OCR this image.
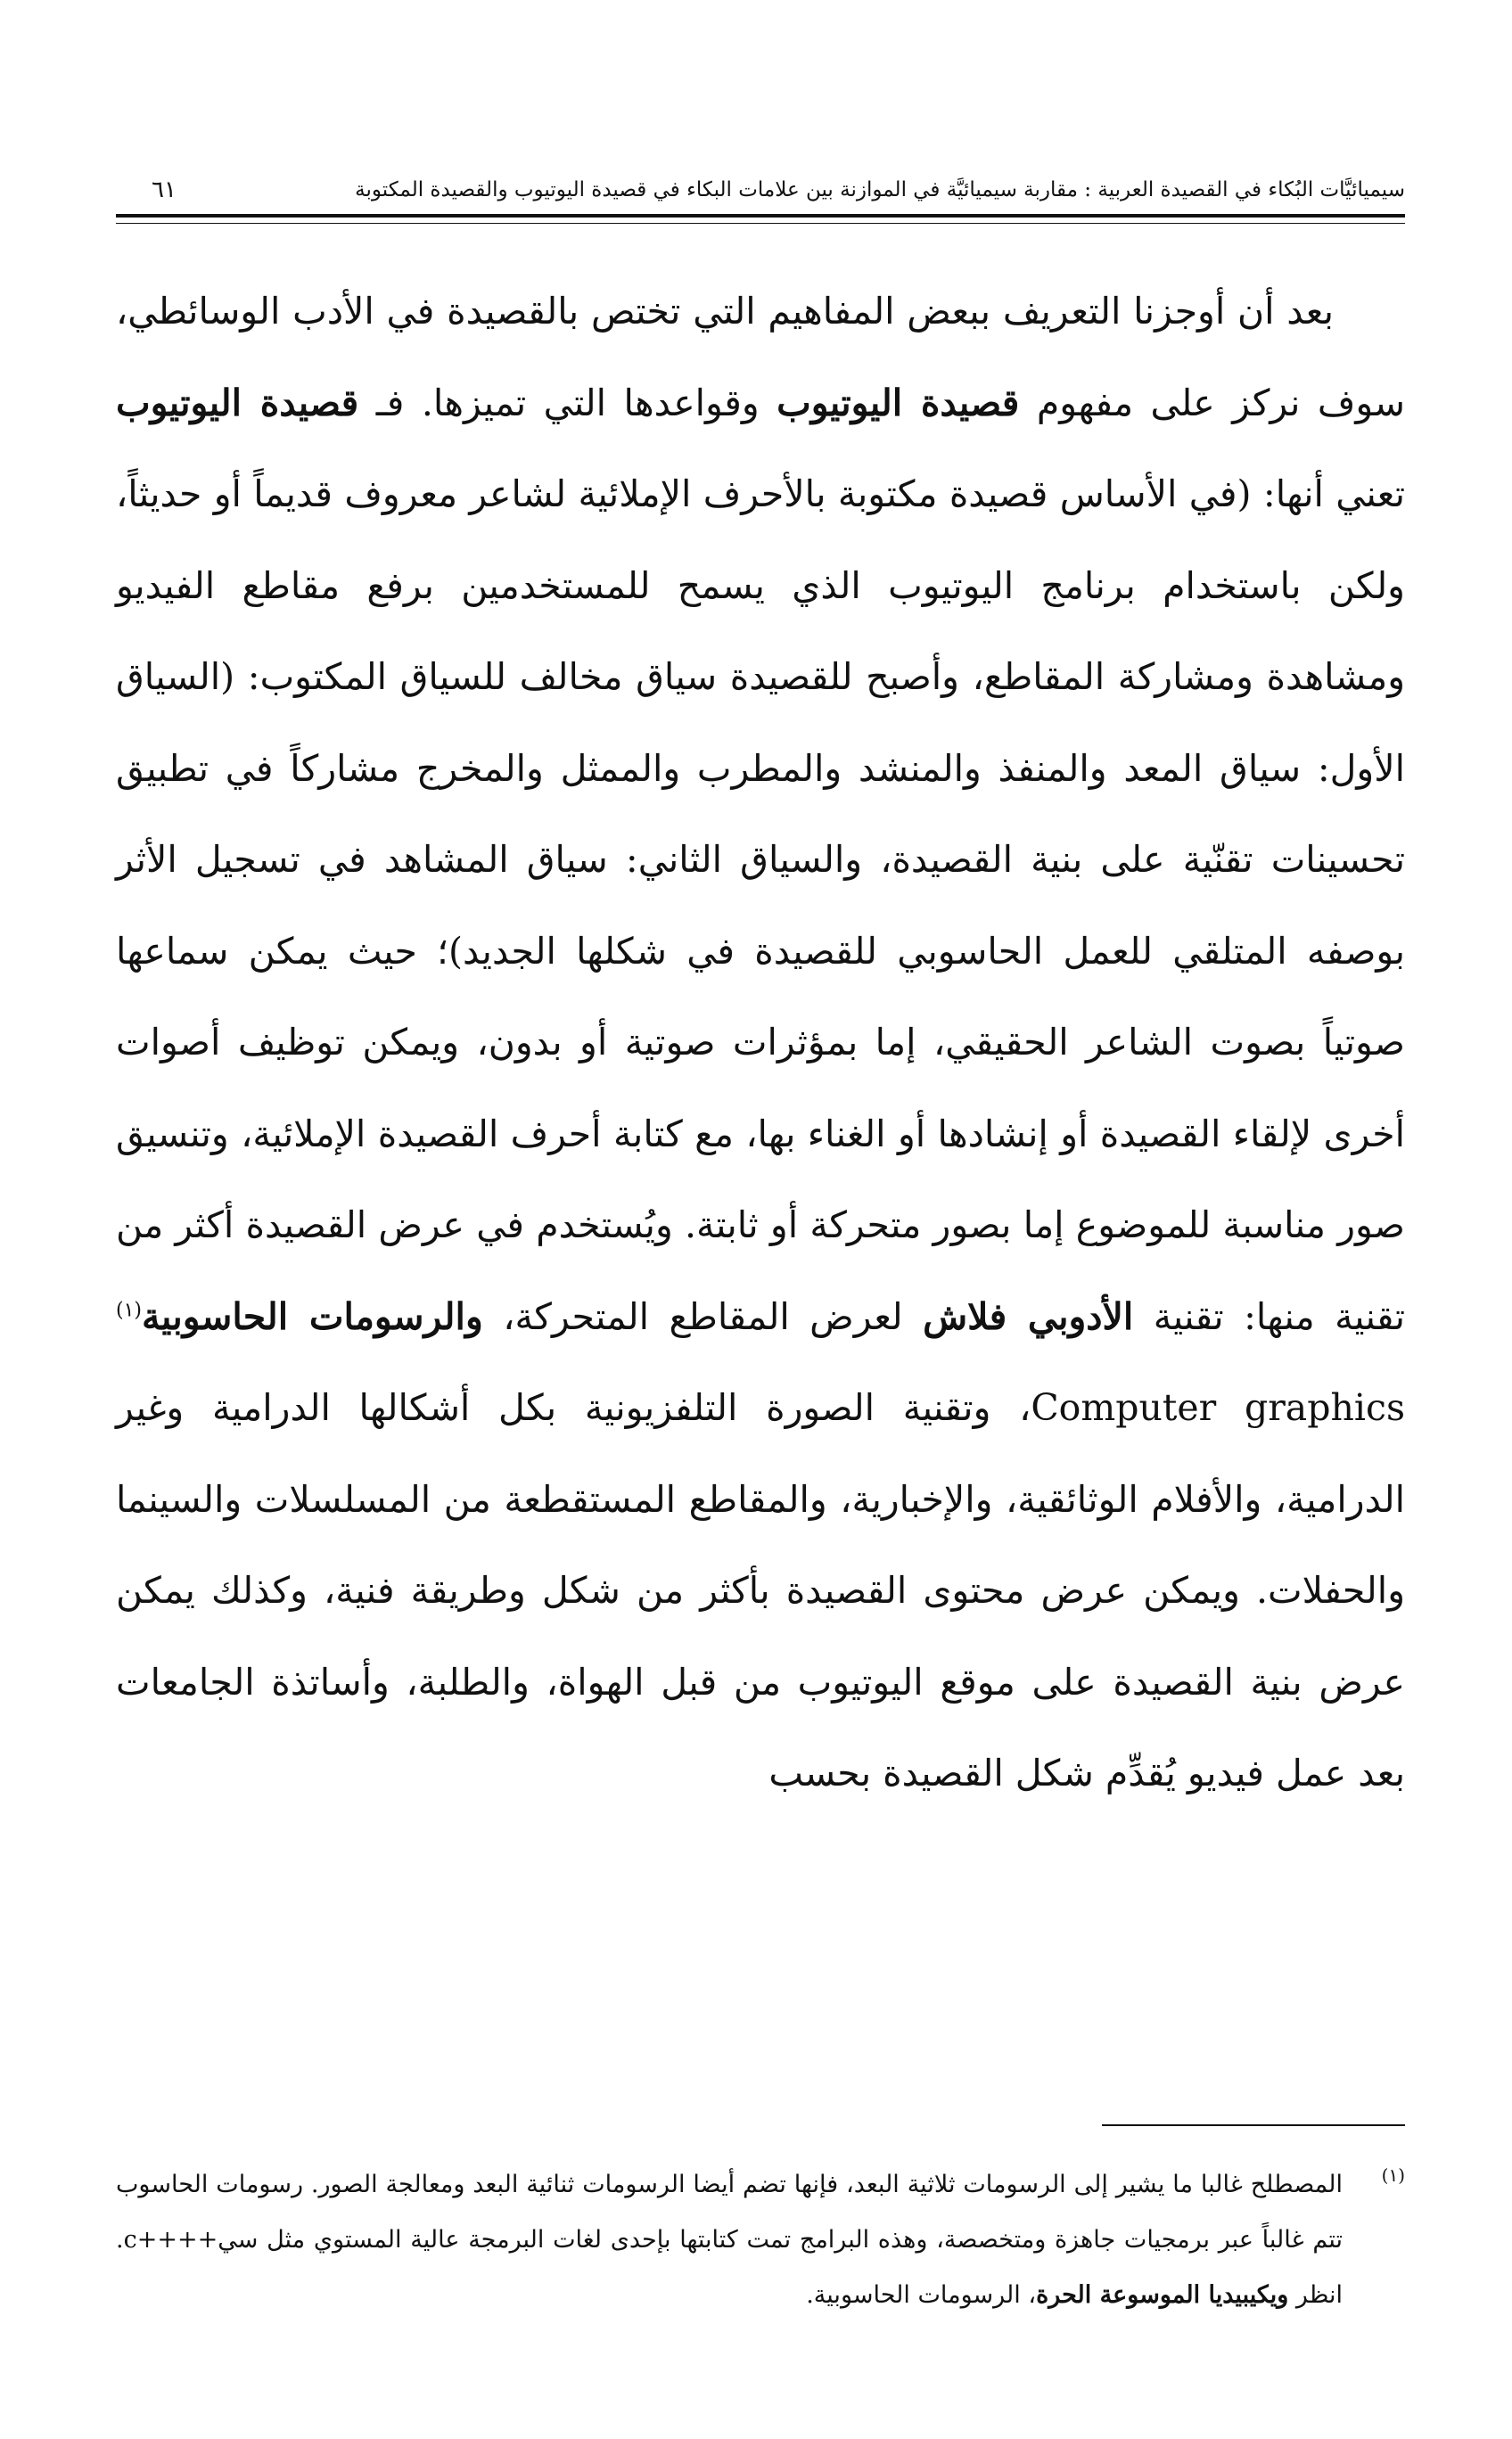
سيميائيَّات البُكاء في القصيدة العربية : مقاربة سيميائيَّة في الموازنة بين علامات البكاء في قصيدة اليوتيوب والقصيدة المكتوبة
٦١

بعد أن أوجزنا التعريف ببعض المفاهيم التي تختص بالقصيدة في الأدب الوسائطي، سوف نركز على مفهوم قصيدة اليوتيوب وقواعدها التي تميزها. فـ قصيدة اليوتيوب تعني أنها: (في الأساس قصيدة مكتوبة بالأحرف الإملائية لشاعر معروف قديماً أو حديثاً، ولكن باستخدام برنامج اليوتيوب الذي يسمح للمستخدمين برفع مقاطع الفيديو ومشاهدة ومشاركة المقاطع، وأصبح للقصيدة سياق مخالف للسياق المكتوب: (السياق الأول: سياق المعد والمنفذ والمنشد والمطرب والممثل والمخرج مشاركاً في تطبيق تحسينات تقنّية على بنية القصيدة، والسياق الثاني: سياق المشاهد في تسجيل الأثر بوصفه المتلقي للعمل الحاسوبي للقصيدة في شكلها الجديد)؛ حيث يمكن سماعها صوتياً بصوت الشاعر الحقيقي، إما بمؤثرات صوتية أو بدون، ويمكن توظيف أصوات أخرى لإلقاء القصيدة أو إنشادها أو الغناء بها، مع كتابة أحرف القصيدة الإملائية، وتنسيق صور مناسبة للموضوع إما بصور متحركة أو ثابتة. ويُستخدم في عرض القصيدة أكثر من تقنية منها: تقنية الأدوبي فلاش لعرض المقاطع المتحركة، والرسومات الحاسوبية$^{(١)}$ Computer graphics، وتقنية الصورة التلفزيونية بكل أشكالها الدرامية وغير الدرامية، والأفلام الوثائقية، والإخبارية، والمقاطع المستقطعة من المسلسلات والسينما والحفلات. ويمكن عرض محتوى القصيدة بأكثر من شكل وطريقة فنية، وكذلك يمكن عرض بنية القصيدة على موقع اليوتيوب من قبل الهواة، والطلبة، وأساتذة الجامعات بعد عمل فيديو يُقدِّم شكل القصيدة بحسب

(١)
المصطلح غالبا ما يشير إلى الرسومات ثلاثية البعد، فإنها تضم أيضا الرسومات ثنائية البعد ومعالجة الصور. رسومات الحاسوب تتم غالباً عبر برمجيات جاهزة ومتخصصة، وهذه البرامج تمت كتابتها بإحدى لغات البرمجة عالية المستوي مثل سي++++c. انظر ويكيبيديا الموسوعة الحرة، الرسومات الحاسوبية.
